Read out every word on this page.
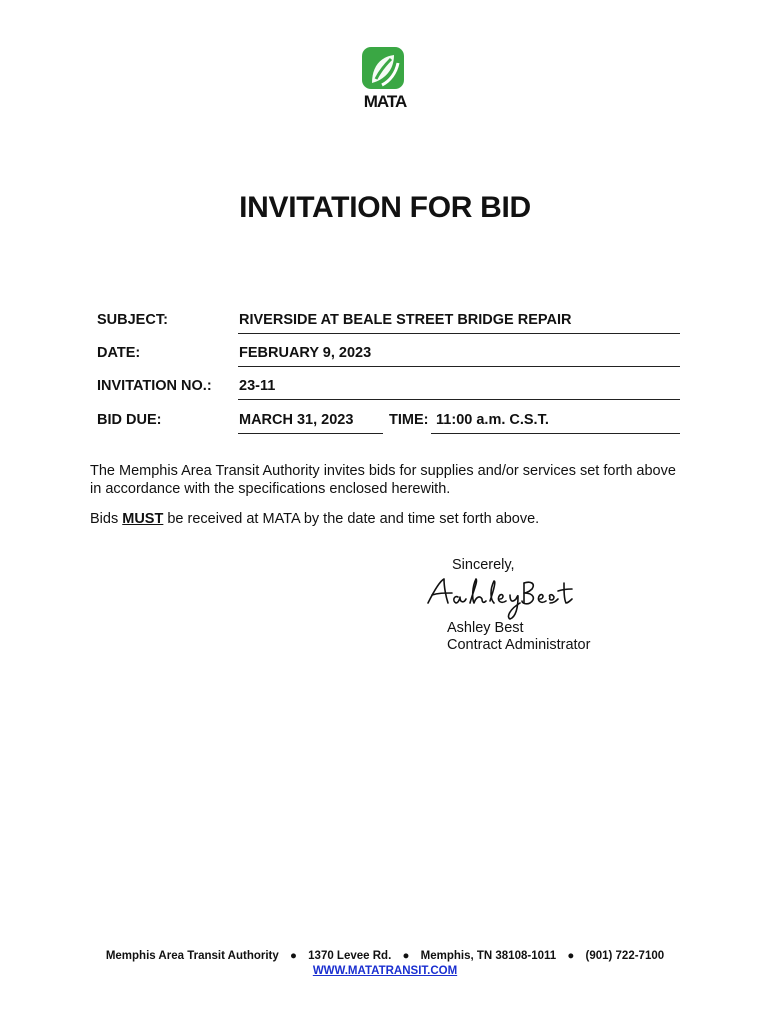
MATA
INVITATION FOR BID
SUBJECT:	RIVERSIDE AT BEALE STREET BRIDGE REPAIR
DATE:	FEBRUARY 9, 2023
INVITATION NO.: 23-11
BID DUE:	MARCH 31, 2023	TIME: 11:00 a.m. C.S.T.
The Memphis Area Transit Authority invites bids for supplies and/or services set forth above in accordance with the specifications enclosed herewith.
Bids MUST be received at MATA by the date and time set forth above.
Sincerely,
Ashley Best
Contract Administrator
Memphis Area Transit Authority ● 1370 Levee Rd. ● Memphis, TN 38108-1011 ● (901) 722-7100
WWW.MATATRANSIT.COM
